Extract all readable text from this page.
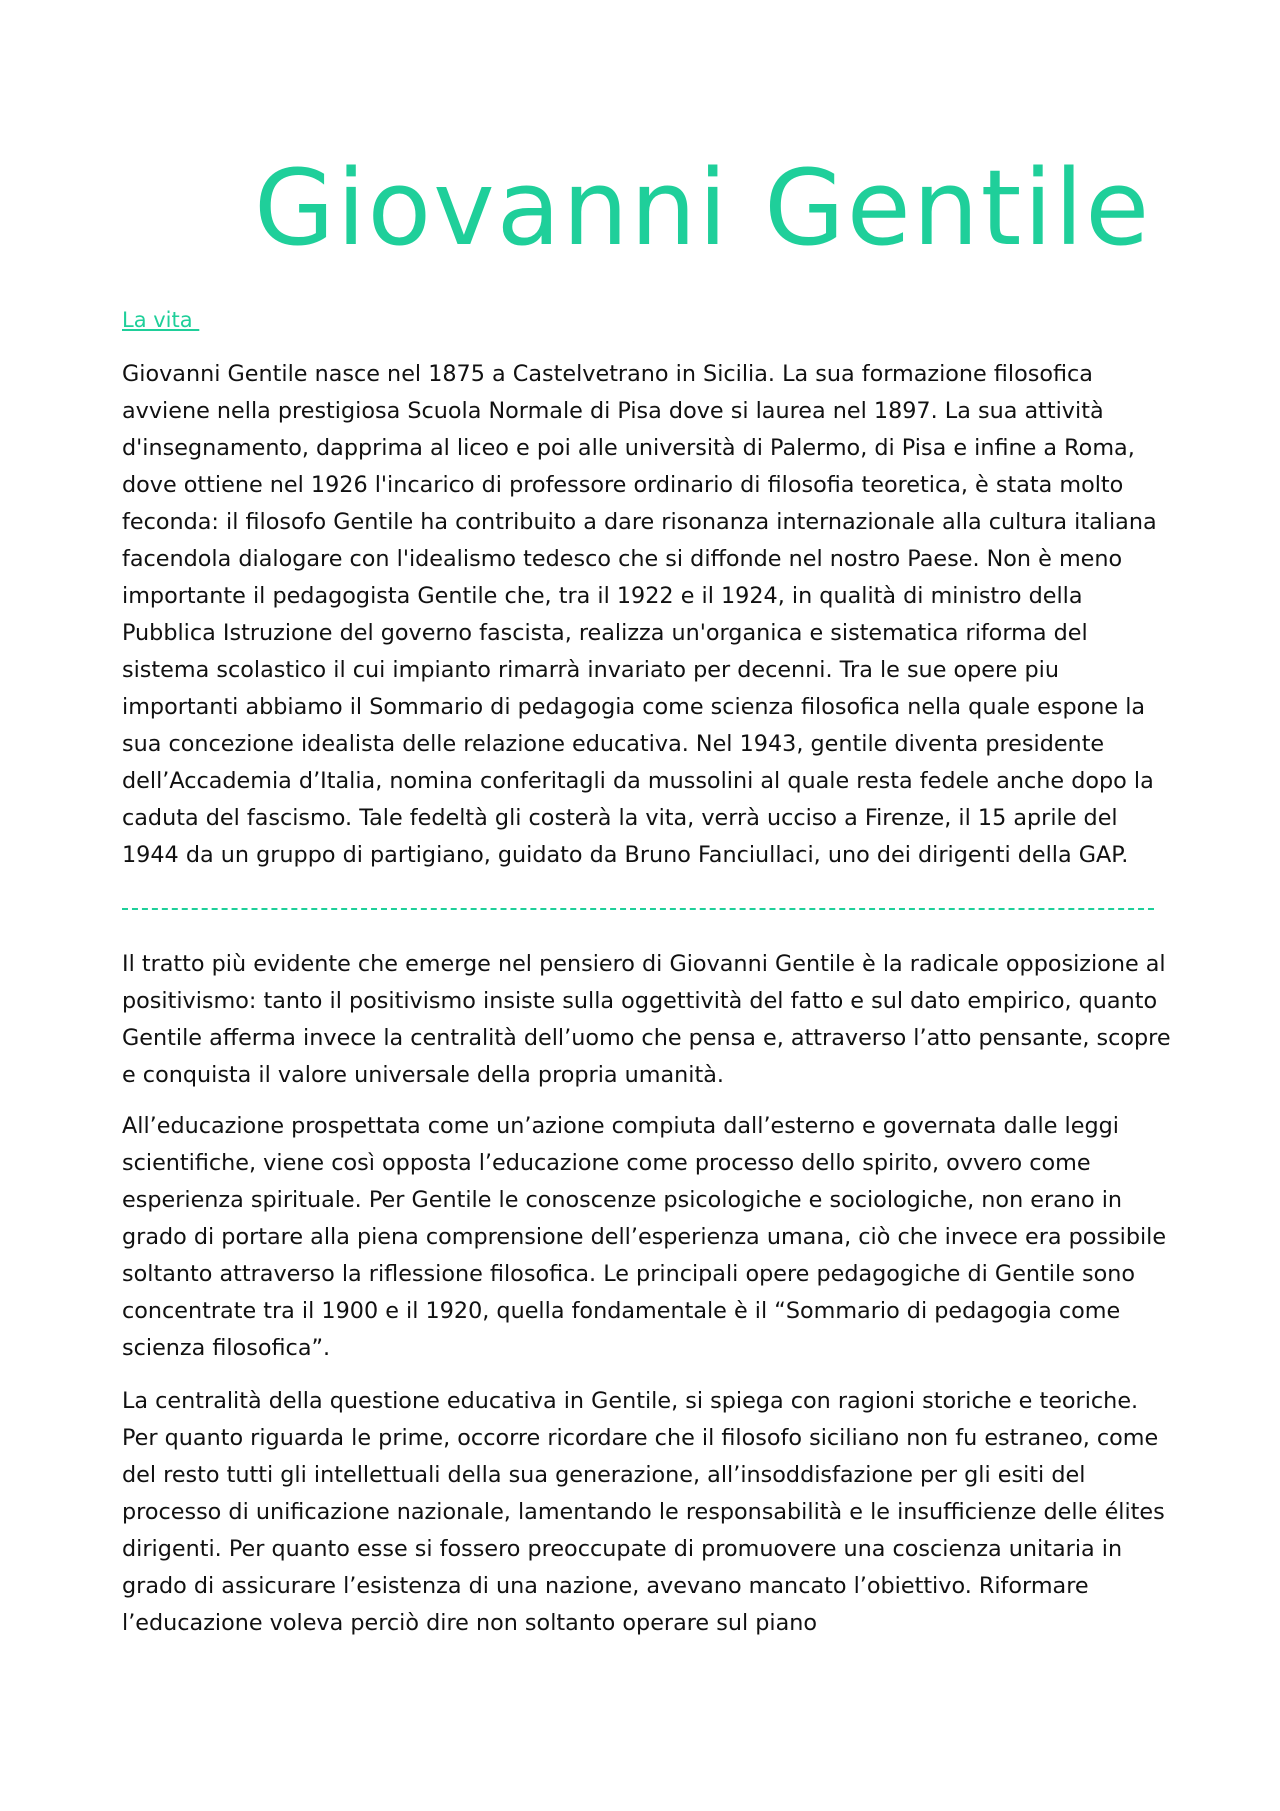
Giovanni Gentile
La vita

Giovanni Gentile nasce nel 1875 a Castelvetrano in Sicilia. La sua formazione filosofica avviene nella prestigiosa Scuola Normale di Pisa dove si laurea nel 1897. La sua attività d'insegnamento, dapprima al liceo e poi alle università di Palermo, di Pisa e infine a Roma, dove ottiene nel 1926 l'incarico di professore ordinario di filosofia teoretica, è stata molto feconda: il filosofo Gentile ha contribuito a dare risonanza internazionale alla cultura italiana facendola dialogare con l'idealismo tedesco che si diffonde nel nostro Paese. Non è meno importante il pedagogista Gentile che, tra il 1922 e il 1924, in qualità di ministro della Pubblica Istruzione del governo fascista, realizza un'organica e sistematica riforma del sistema scolastico il cui impianto rimarrà invariato per decenni. Tra le sue opere piu importanti abbiamo il Sommario di pedagogia come scienza filosofica nella quale espone la sua concezione idealista delle relazione educativa. Nel 1943, gentile diventa presidente dell’Accademia d’Italia, nomina conferitagli da mussolini al quale resta fedele anche dopo la caduta del fascismo. Tale fedeltà gli costerà la vita, verrà ucciso a Firenze, il 15 aprile del 1944 da un gruppo di partigiano, guidato da Bruno Fanciullaci, uno dei dirigenti della GAP.

Il tratto più evidente che emerge nel pensiero di Giovanni Gentile è la radicale opposizione al positivismo: tanto il positivismo insiste sulla oggettività del fatto e sul dato empirico, quanto Gentile afferma invece la centralità dell’uomo che pensa e, attraverso l’atto pensante, scopre e conquista il valore universale della propria umanità.

All’educazione prospettata come un’azione compiuta dall’esterno e governata dalle leggi scientifiche, viene così opposta l’educazione come processo dello spirito, ovvero come esperienza spirituale. Per Gentile le conoscenze psicologiche e sociologiche, non erano in grado di portare alla piena comprensione dell’esperienza umana, ciò che invece era possibile soltanto attraverso la riflessione filosofica. Le principali opere pedagogiche di Gentile sono concentrate tra il 1900 e il 1920, quella fondamentale è il “Sommario di pedagogia come scienza filosofica”.

La centralità della questione educativa in Gentile, si spiega con ragioni storiche e teoriche. Per quanto riguarda le prime, occorre ricordare che il filosofo siciliano non fu estraneo, come del resto tutti gli intellettuali della sua generazione, all’insoddisfazione per gli esiti del processo di unificazione nazionale, lamentando le responsabilità e le insufficienze delle élites dirigenti. Per quanto esse si fossero preoccupate di promuovere una coscienza unitaria in grado di assicurare l’esistenza di una nazione, avevano mancato l’obiettivo. Riformare l’educazione voleva perciò dire non soltanto operare sul piano
